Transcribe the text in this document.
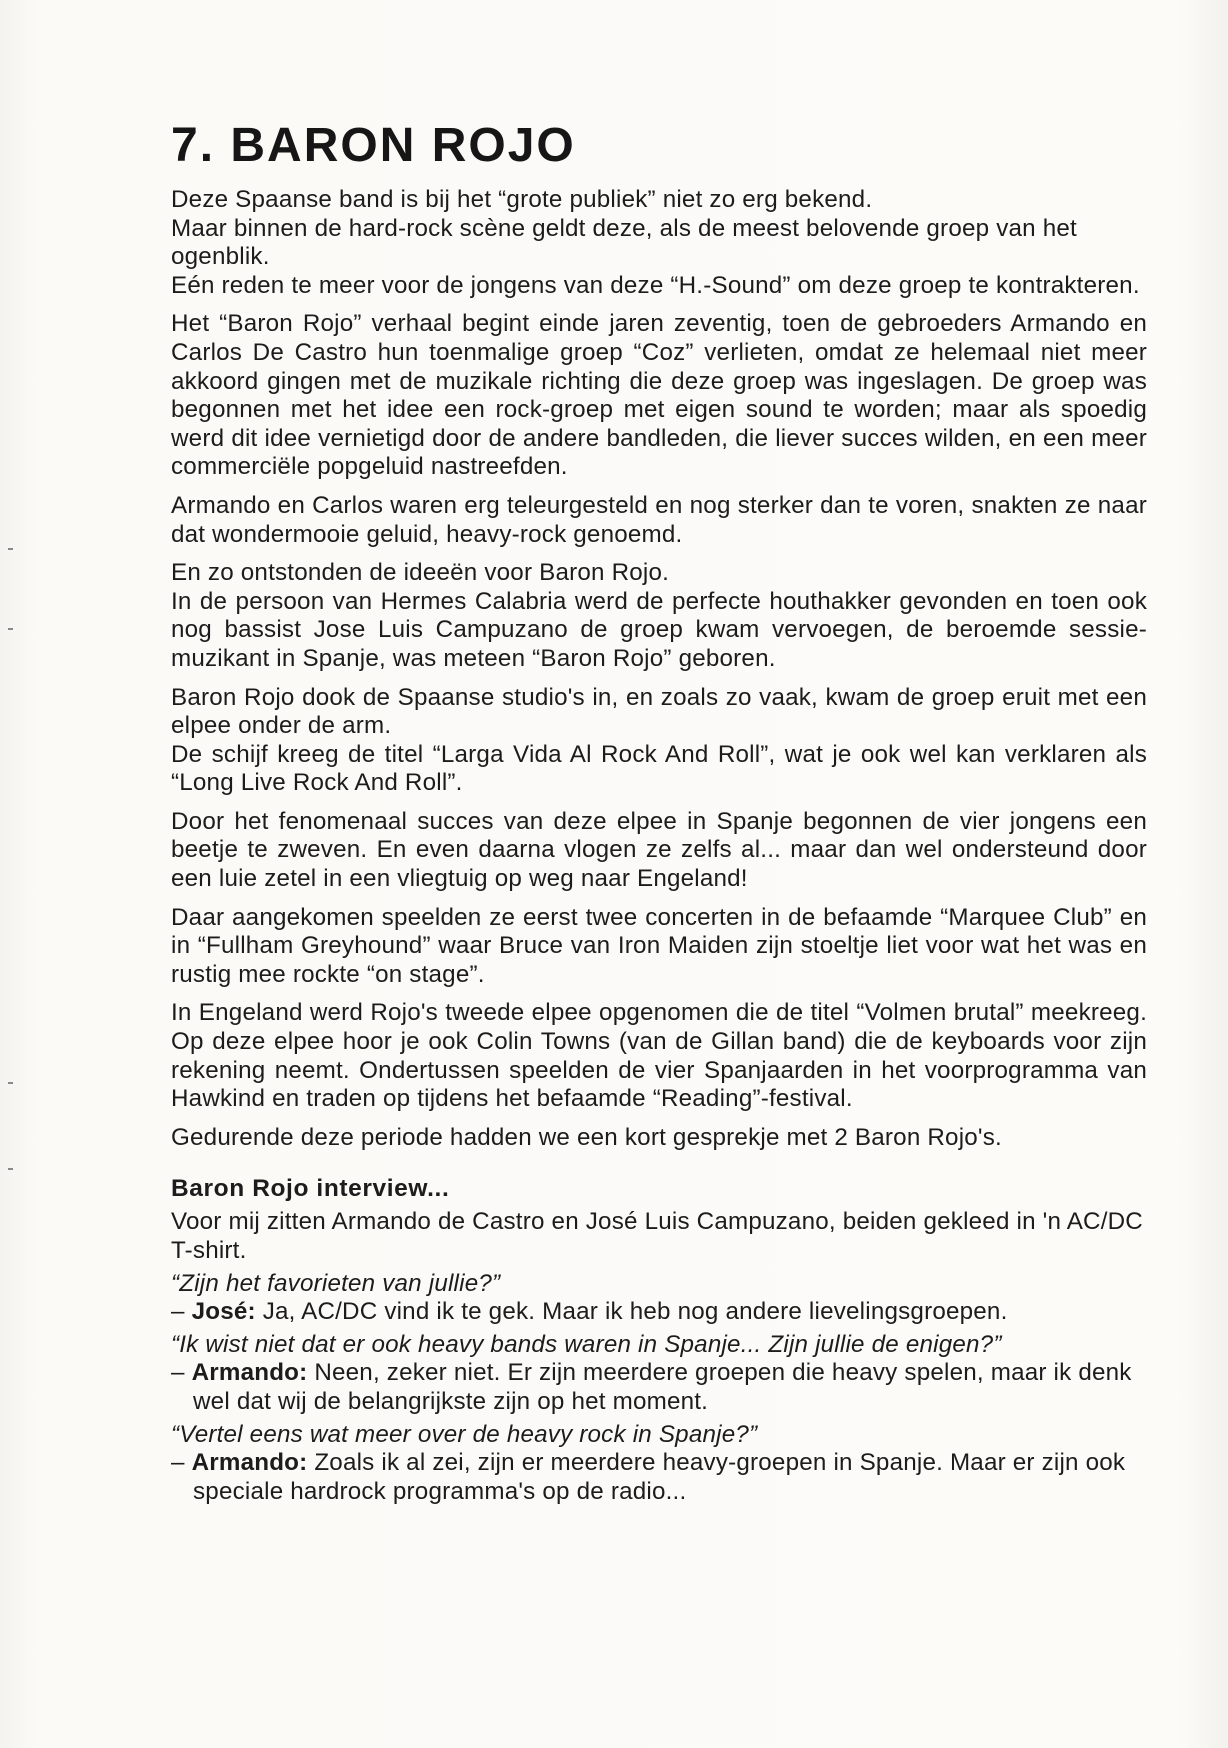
7. BARON ROJO

Deze Spaanse band is bij het “grote publiek” niet zo erg bekend.
Maar binnen de hard-rock scène geldt deze, als de meest belovende groep van het ogenblik.
Eén reden te meer voor de jongens van deze “H.-Sound” om deze groep te kontrakteren.

Het “Baron Rojo” verhaal begint einde jaren zeventig, toen de gebroeders Armando en Carlos De Castro hun toenmalige groep “Coz” verlieten, omdat ze helemaal niet meer akkoord gingen met de muzikale richting die deze groep was ingeslagen. De groep was begonnen met het idee een rock-groep met eigen sound te worden; maar als spoedig werd dit idee vernietigd door de andere bandleden, die liever succes wilden, en een meer commerciële popgeluid nastreefden.

Armando en Carlos waren erg teleurgesteld en nog sterker dan te voren, snakten ze naar dat wondermooie geluid, heavy-rock genoemd.

En zo ontstonden de ideeën voor Baron Rojo.
In de persoon van Hermes Calabria werd de perfecte houthakker gevonden en toen ook nog bassist Jose Luis Campuzano de groep kwam vervoegen, de beroemde sessie-muzikant in Spanje, was meteen “Baron Rojo” geboren.

Baron Rojo dook de Spaanse studio's in, en zoals zo vaak, kwam de groep eruit met een elpee onder de arm.
De schijf kreeg de titel “Larga Vida Al Rock And Roll”, wat je ook wel kan verklaren als “Long Live Rock And Roll”.

Door het fenomenaal succes van deze elpee in Spanje begonnen de vier jongens een beetje te zweven. En even daarna vlogen ze zelfs al... maar dan wel ondersteund door een luie zetel in een vliegtuig op weg naar Engeland!

Daar aangekomen speelden ze eerst twee concerten in de befaamde “Marquee Club” en in “Fullham Greyhound” waar Bruce van Iron Maiden zijn stoeltje liet voor wat het was en rustig mee rockte “on stage”.

In Engeland werd Rojo's tweede elpee opgenomen die de titel “Volmen brutal” meekreeg. Op deze elpee hoor je ook Colin Towns (van de Gillan band) die de keyboards voor zijn rekening neemt. Ondertussen speelden de vier Spanjaarden in het voorprogramma van Hawkind en traden op tijdens het befaamde “Reading”-festival.

Gedurende deze periode hadden we een kort gesprekje met 2 Baron Rojo's.

Baron Rojo interview...

Voor mij zitten Armando de Castro en José Luis Campuzano, beiden gekleed in 'n AC/DC T-shirt.

“Zijn het favorieten van jullie?”
– José: Ja, AC/DC vind ik te gek. Maar ik heb nog andere lievelingsgroepen.
“Ik wist niet dat er ook heavy bands waren in Spanje... Zijn jullie de enigen?”
– Armando: Neen, zeker niet. Er zijn meerdere groepen die heavy spelen, maar ik denk wel dat wij de belangrijkste zijn op het moment.
“Vertel eens wat meer over de heavy rock in Spanje?”
– Armando: Zoals ik al zei, zijn er meerdere heavy-groepen in Spanje. Maar er zijn ook speciale hardrock programma's op de radio...
